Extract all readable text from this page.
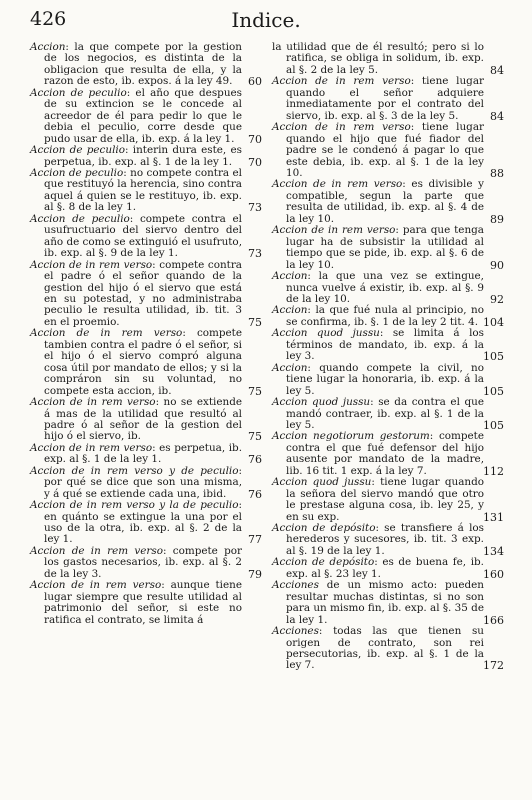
426	Indice.

Accion: la que compete por la gestion de los negocios, es distinta de la obligacion que resulta de ella, y la razon de esto, ib. expos. á la ley 49. 60

Accion de peculio: el año que despues de su extincion se le concede al acreedor de él para pedir lo que le debia el peculio, corre desde que pudo usar de ella, ib. exp. á la ley 1. 70

Accion de peculio: interin dura este, es perpetua, ib. exp. al §. 1 de la ley 1. 70

Accion de peculio: no compete contra el que restituyó la herencia, sino contra aquel á quien se le restituyo, ib. exp. al §. 8 de la ley 1.	73

Accion de peculio: compete contra el usufructuario del siervo dentro del año de como se extinguió el usufruto, ib. exp. al §. 9 de la ley 1.	73

Accion de in rem verso: compete contra el padre ó el señor quando de la gestion del hijo ó el siervo que está en su potestad, y no administraba peculio le resulta utilidad, ib. tit. 3 en el proemio.	75

Accion de in rem verso: compete tambien contra el padre ó el señor, si el hijo ó el siervo compró alguna cosa útil por mandato de ellos; y si la compráron sin su voluntad, no compete esta accion, ib.	75

Accion de in rem verso: no se extiende á mas de la utilidad que resultó al padre ó al señor de la gestion del hijo ó el siervo, ib.	75

Accion de in rem verso: es perpetua, ib. exp. al §. 1 de la ley 1.	76

Accion de in rem verso y de peculio: por qué se dice que son una misma, y á qué se extiende cada una, ibid. 76

Accion de in rem verso y la de peculio: en quánto se extingue la una por el uso de la otra, ib. exp. al §. 2 de la ley 1.	77

Accion de in rem verso: compete por los gastos necesarios, ib. exp. al §. 2 de la ley 3.	79

Accion de in rem verso: aunque tiene lugar siempre que resulte utilidad al patrimonio del señor, si este no ratifica el contrato, se limita á

la utilidad que de él resultó; pero si lo ratifica, se obliga in solidum, ib. exp. al §. 2 de la ley 5.	84

Accion de in rem verso: tiene lugar quando el señor adquiere inmediatamente por el contrato del siervo, ib. exp. al §. 3 de la ley 5.	84

Accion de in rem verso: tiene lugar quando el hijo que fué fiador del padre se le condenó á pagar lo que este debia, ib. exp. al §. 1 de la ley 10.	88

Accion de in rem verso: es divisible y compatible, segun la parte que resulta de utilidad, ib. exp. al §. 4 de la ley 10.	89

Accion de in rem verso: para que tenga lugar ha de subsistir la utilidad al tiempo que se pide, ib. exp. al §. 6 de la ley 10.	90

Accion: la que una vez se extingue, nunca vuelve á existir, ib. exp. al §. 9 de la ley 10.	92

Accion: la que fué nula al principio, no se confirma, ib. §. 1 de la ley 2 tit. 4. 104

Accion quod jussu: se limita á los términos de mandato, ib. exp. á la ley 3.	105

Accion: quando compete la civil, no tiene lugar la honoraria, ib. exp. á la ley 5.	105

Accion quod jussu: se da contra el que mandó contraer, ib. exp. al §. 1 de la ley 5.	105

Accion negotiorum gestorum: compete contra el que fué defensor del hijo ausente por mandato de la madre, lib. 16 tit. 1 exp. á la ley 7.	112

Accion quod jussu: tiene lugar quando la señora del siervo mandó que otro le prestase alguna cosa, ib. ley 25, y en su exp.	131

Accion de depósito: se transfiere á los herederos y sucesores, ib. tit. 3 exp. al §. 19 de la ley 1.	134

Accion de depósito: es de buena fe, ib. exp. al §. 23 ley 1.	160

Acciones de un mismo acto: pueden resultar muchas distintas, si no son para un mismo fin, ib. exp. al §. 35 de la ley 1.	166

Acciones: todas las que tienen su origen de contrato, son rei persecutorias, ib. exp. al §. 1 de la ley 7.	172
